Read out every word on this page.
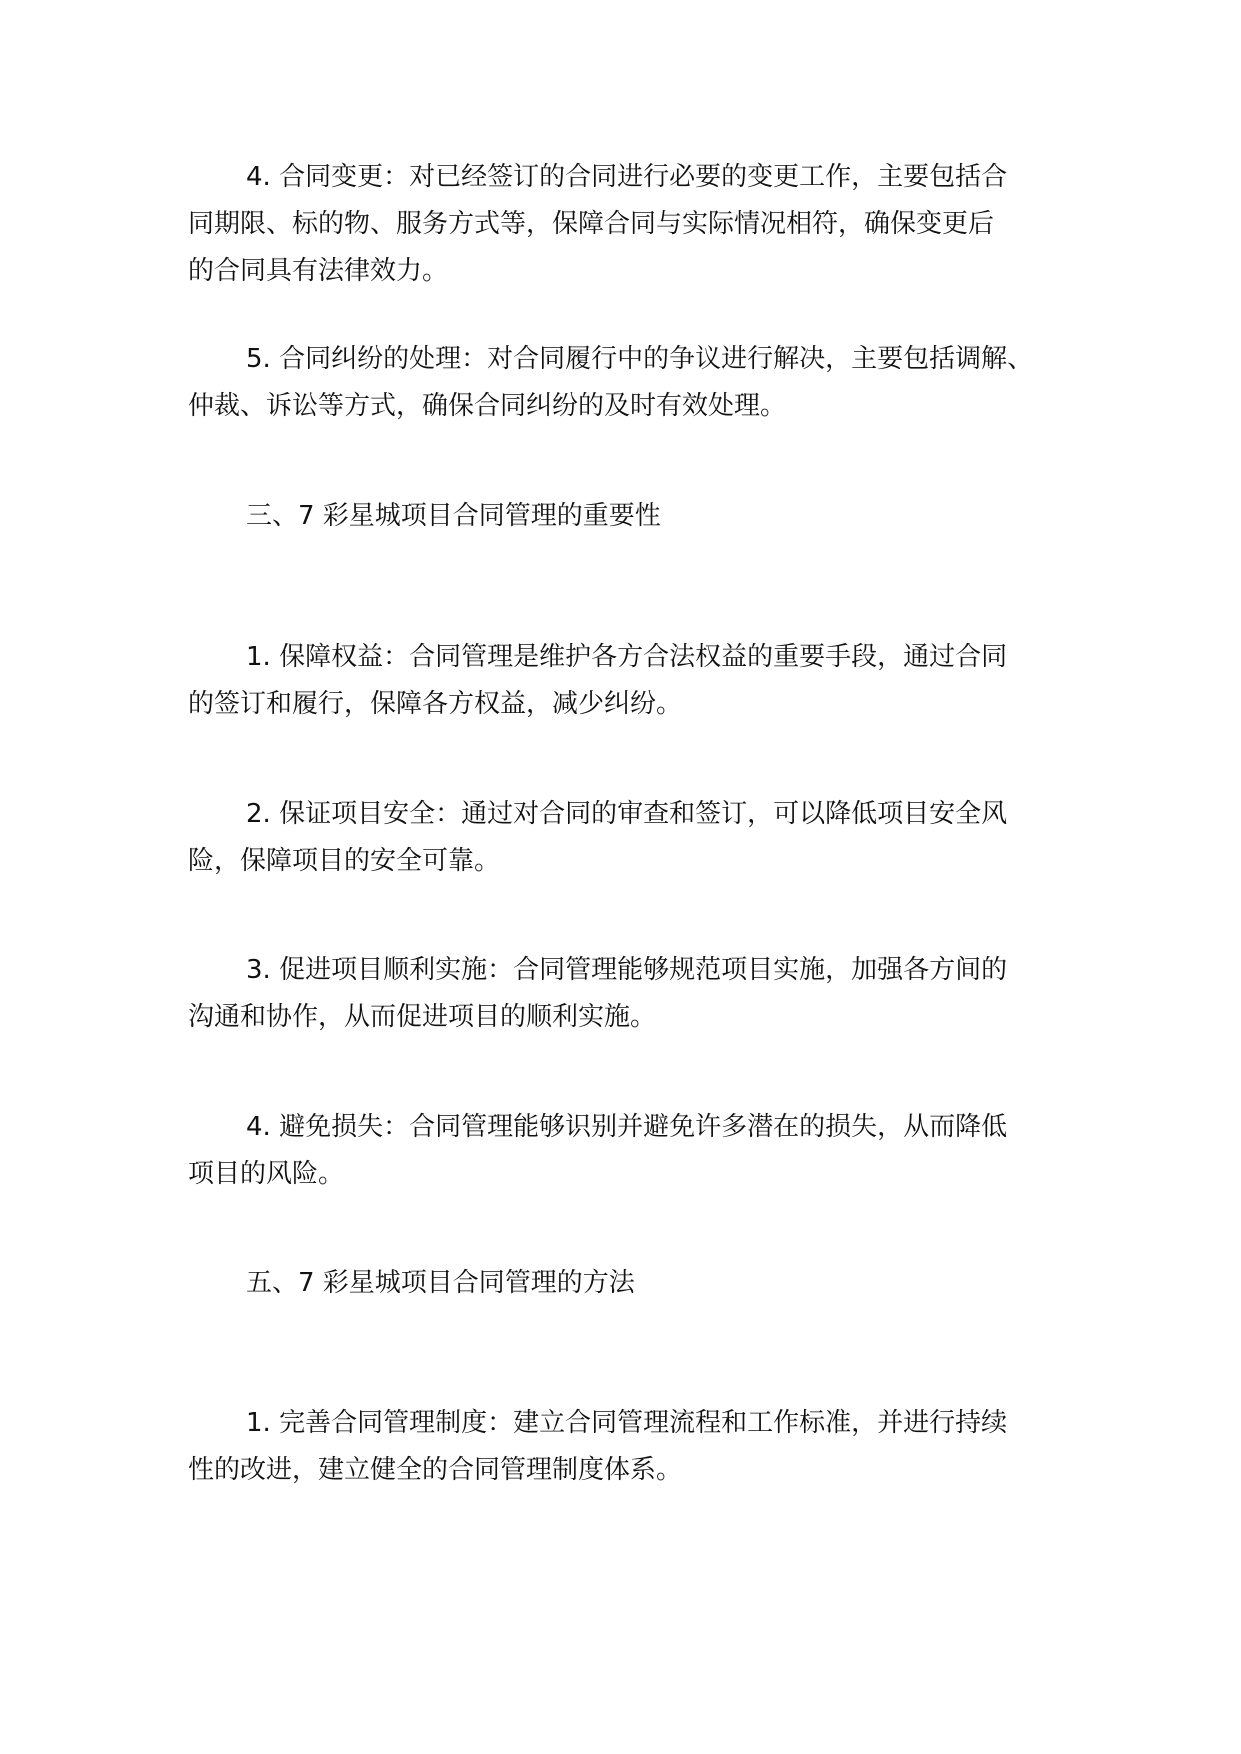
4. 合同变更：对已经签订的合同进行必要的变更工作，主要包括合
同期限、标的物、服务方式等，保障合同与实际情况相符，确保变更后
的合同具有法律效力。

5. 合同纠纷的处理：对合同履行中的争议进行解决，主要包括调解、
仲裁、诉讼等方式，确保合同纠纷的及时有效处理。

三、7 彩星城项目合同管理的重要性

1. 保障权益：合同管理是维护各方合法权益的重要手段，通过合同
的签订和履行，保障各方权益，减少纠纷。

2. 保证项目安全：通过对合同的审查和签订，可以降低项目安全风
险，保障项目的安全可靠。

3. 促进项目顺利实施：合同管理能够规范项目实施，加强各方间的
沟通和协作，从而促进项目的顺利实施。

4. 避免损失：合同管理能够识别并避免许多潜在的损失，从而降低
项目的风险。

五、7 彩星城项目合同管理的方法

1. 完善合同管理制度：建立合同管理流程和工作标准，并进行持续
性的改进，建立健全的合同管理制度体系。
